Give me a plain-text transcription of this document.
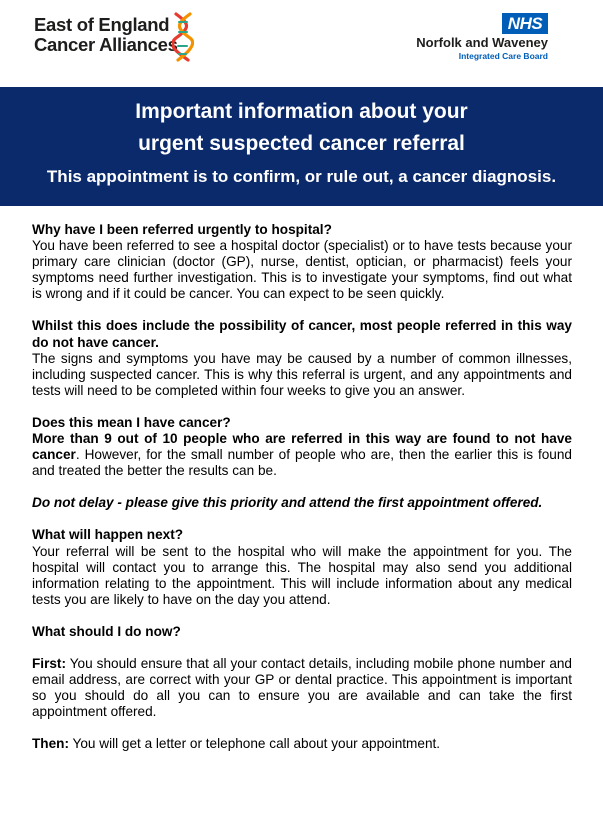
East of England
Cancer Alliances
NHS
Norfolk and Waveney
Integrated Care Board
Important information about your
urgent suspected cancer referral
This appointment is to confirm, or rule out, a cancer diagnosis.

Why have I been referred urgently to hospital?

You have been referred to see a hospital doctor (specialist) or to have tests because your primary care clinician (doctor (GP), nurse, dentist, optician, or pharmacist) feels your symptoms need further investigation. This is to investigate your symptoms, find out what is wrong and if it could be cancer. You can expect to be seen quickly.

Whilst this does include the possibility of cancer, most people referred in this way do not have cancer.

The signs and symptoms you have may be caused by a number of common illnesses, including suspected cancer. This is why this referral is urgent, and any appointments and tests will need to be completed within four weeks to give you an answer.

Does this mean I have cancer?

More than 9 out of 10 people who are referred in this way are found to not have cancer. However, for the small number of people who are, then the earlier this is found and treated the better the results can be.

Do not delay - please give this priority and attend the first appointment offered.

What will happen next?

Your referral will be sent to the hospital who will make the appointment for you. The hospital will contact you to arrange this. The hospital may also send you additional information relating to the appointment. This will include information about any medical tests you are likely to have on the day you attend.

What should I do now?

First: You should ensure that all your contact details, including mobile phone number and email address, are correct with your GP or dental practice. This appointment is important so you should do all you can to ensure you are available and can take the first appointment offered.

Then: You will get a letter or telephone call about your appointment.
